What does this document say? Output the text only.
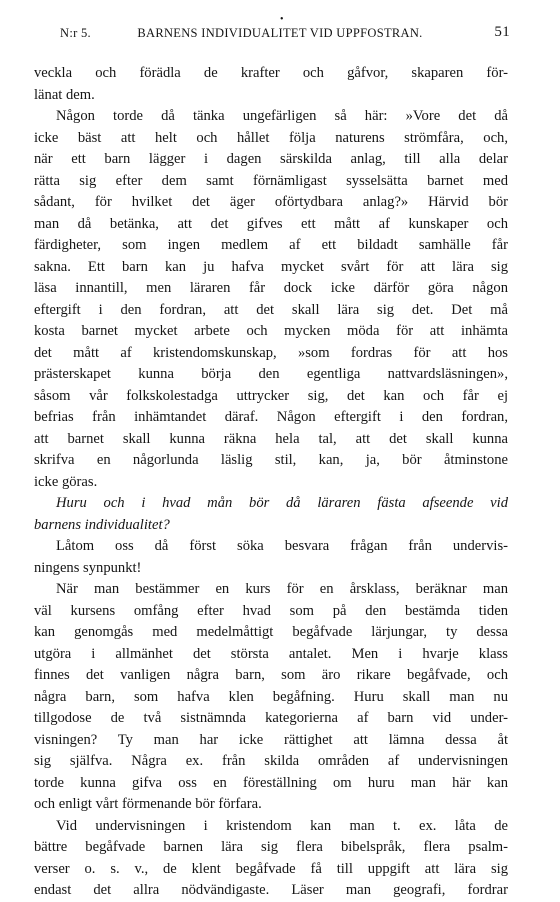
•
N:r 5.	BARNENS INDIVIDUALITET VID UPPFOSTRAN.	51

veckla och förädla de krafter och gåfvor, skaparen för-

länat dem.

Någon torde då tänka ungefärligen så här: »Vore det då

icke bäst att helt och hållet följa naturens strömfåra, och,

när ett barn lägger i dagen särskilda anlag, till alla delar

rätta sig efter dem samt förnämligast sysselsätta barnet med

sådant, för hvilket det äger oförtydbara anlag?» Härvid bör

man då betänka, att det gifves ett mått af kunskaper och

färdigheter, som ingen medlem af ett bildadt samhälle får

sakna. Ett barn kan ju hafva mycket svårt för att lära sig

läsa innantill, men läraren får dock icke därför göra någon

eftergift i den fordran, att det skall lära sig det. Det må

kosta barnet mycket arbete och mycken möda för att inhämta

det mått af kristendomskunskap, »som fordras för att hos

prästerskapet kunna börja den egentliga nattvardsläsningen»,

såsom vår folkskolestadga uttrycker sig, det kan och får ej

befrias från inhämtandet däraf. Någon eftergift i den fordran,

att barnet skall kunna räkna hela tal, att det skall kunna

skrifva en någorlunda läslig stil, kan, ja, bör åtminstone

icke göras.

Huru och i hvad mån bör då läraren fästa afseende vid

barnens individualitet?

Låtom oss då först söka besvara frågan från undervis-

ningens synpunkt!

När man bestämmer en kurs för en årsklass, beräknar man

väl kursens omfång efter hvad som på den bestämda tiden

kan genomgås med medelmåttigt begåfvade lärjungar, ty dessa

utgöra i allmänhet det största antalet. Men i hvarje klass

finnes det vanligen några barn, som äro rikare begåfvade, och

några barn, som hafva klen begåfning. Huru skall man nu

tillgodose de två sistnämnda kategorierna af barn vid under-

visningen? Ty man har icke rättighet att lämna dessa åt

sig själfva. Några ex. från skilda områden af undervisningen

torde kunna gifva oss en föreställning om huru man här kan

och enligt vårt förmenande bör förfara.

Vid undervisningen i kristendom kan man t. ex. låta de

bättre begåfvade barnen lära sig flera bibelspråk, flera psalm-

verser o. s. v., de klent begåfvade få till uppgift att lära sig

endast det allra nödvändigaste. Läser man geografi, fordrar
